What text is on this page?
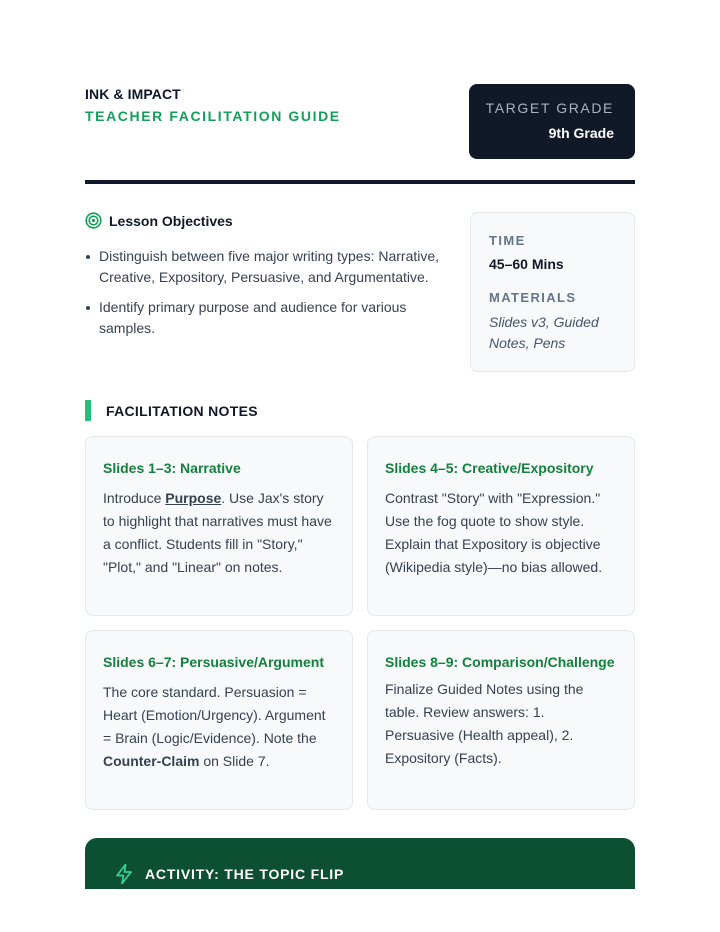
INK & IMPACT
TEACHER FACILITATION GUIDE	TARGET GRADE
9th Grade
Lesson Objectives
Distinguish between five major writing types: Narrative, Creative, Expository, Persuasive, and Argumentative.
Identify primary purpose and audience for various samples.
TIME
45–60 Mins
MATERIALS
Slides v3, Guided Notes, Pens
FACILITATION NOTES
Slides 1–3: Narrative
Introduce Purpose. Use Jax's story to highlight that narratives must have a conflict. Students fill in "Story," "Plot," and "Linear" on notes.
Slides 4–5: Creative/Expository
Contrast "Story" with "Expression." Use the fog quote to show style. Explain that Expository is objective (Wikipedia style)—no bias allowed.
Slides 6–7: Persuasive/Argument
The core standard. Persuasion = Heart (Emotion/Urgency). Argument = Brain (Logic/Evidence). Note the Counter-Claim on Slide 7.
Slides 8–9: Comparison/Challenge
Finalize Guided Notes using the table. Review answers: 1. Persuasive (Health appeal), 2. Expository (Facts).
ACTIVITY: THE TOPIC FLIP
